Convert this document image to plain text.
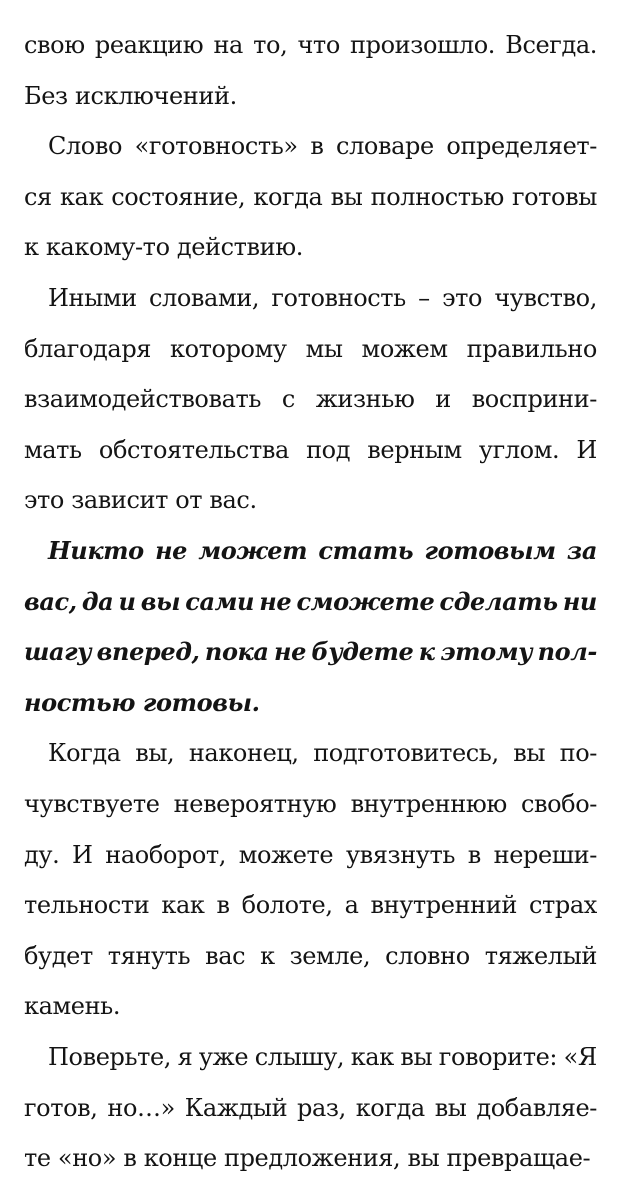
свою реакцию на то, что произошло. Всегда.
Без исключений.
Слово «готовность» в словаре определяет-
ся как состояние, когда вы полностью готовы
к какому-то действию.
Иными словами, готовность – это чувство,
благодаря которому мы можем правильно
взаимодействовать с жизнью и восприни-
мать обстоятельства под верным углом. И
это зависит от вас.
Никто не может стать готовым за
вас, да и вы сами не сможете сделать ни
шагу вперед, пока не будете к этому пол-
ностью готовы.
Когда вы, наконец, подготовитесь, вы по-
чувствуете невероятную внутреннюю свобо-
ду. И наоборот, можете увязнуть в нереши-
тельности как в болоте, а внутренний страх
будет тянуть вас к земле, словно тяжелый
камень.
Поверьте, я уже слышу, как вы говорите: «Я
готов, но…» Каждый раз, когда вы добавляе-
те «но» в конце предложения, вы превращае-
